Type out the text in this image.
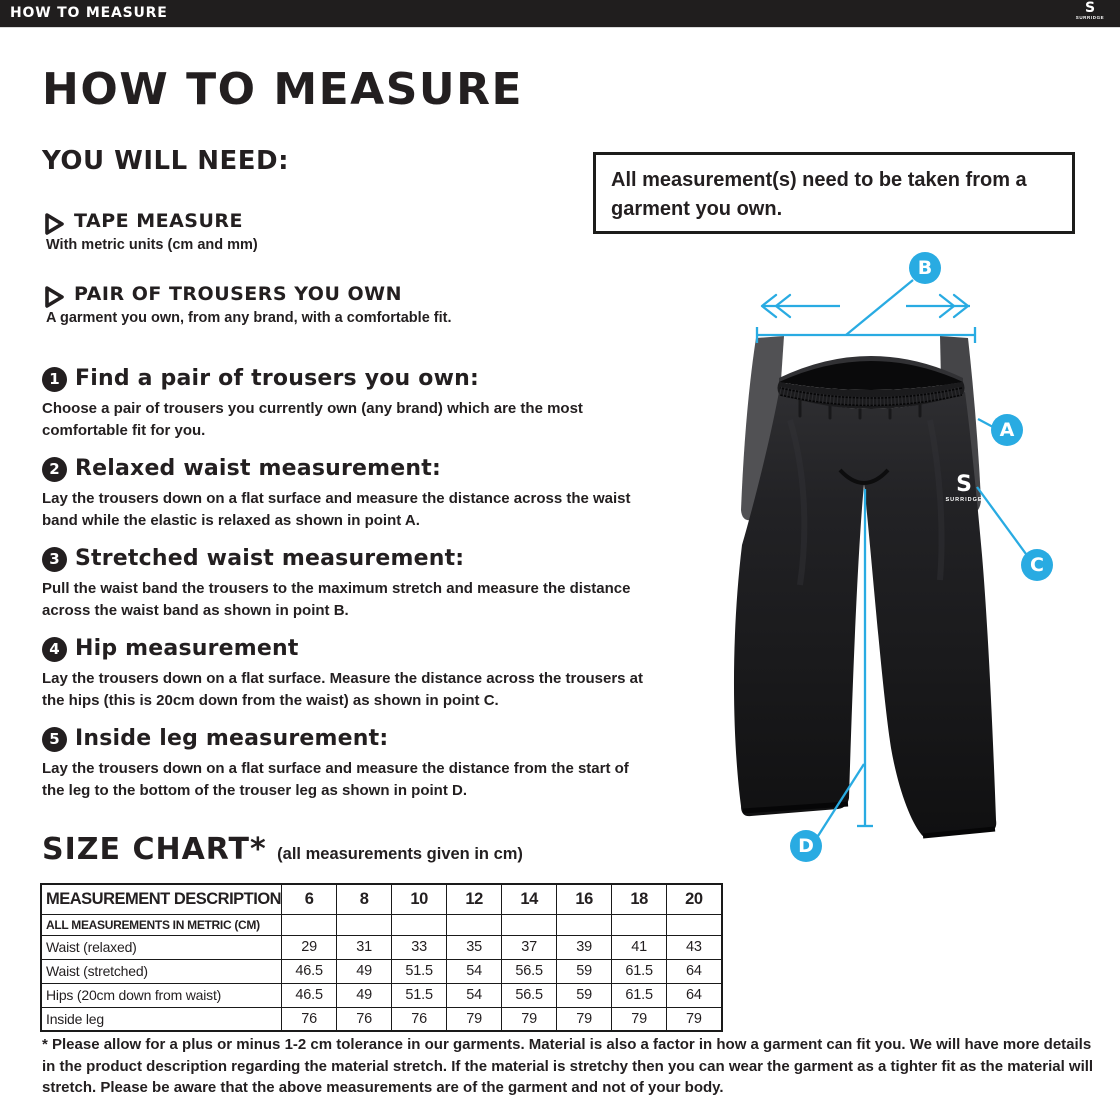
HOW TO MEASURE	S
SURRIDGE
HOW TO MEASURE
YOU WILL NEED:
TAPE MEASURE
With metric units (cm and mm)
PAIR OF TROUSERS YOU OWN
A garment you own, from any brand, with a comfortable fit.
All measurement(s) need to be taken from a garment you own.
1 Find a pair of trousers you own:
Choose a pair of trousers you currently own (any brand) which are the most comfortable fit for you.
2 Relaxed waist measurement:
Lay the trousers down on a flat surface and measure the distance across the waist band while the elastic is relaxed as shown in point A.
3 Stretched waist measurement:
Pull the waist band the trousers to the maximum stretch and measure the distance across the waist band as shown in point B.
4 Hip measurement
Lay the trousers down on a flat surface. Measure the distance across the trousers at the hips (this is 20cm down from the waist) as shown in point C.
5 Inside leg measurement:
Lay the trousers down on a flat surface and measure the distance from the start of the leg to the bottom of the trouser leg as shown in point D.
SIZE CHART* (all measurements given in cm)
MEASUREMENT DESCRIPTION	6	8	10	12	14	16	18	20
ALL MEASUREMENTS IN METRIC (CM)								
Waist (relaxed)	29	31	33	35	37	39	41	43
Waist (stretched)	46.5	49	51.5	54	56.5	59	61.5	64
Hips (20cm down from waist)	46.5	49	51.5	54	56.5	59	61.5	64
Inside leg	76	76	76	79	79	79	79	79
* Please allow for a plus or minus 1-2 cm tolerance in our garments. Material is also a factor in how a garment can fit you. We will have more details in the product description regarding the material stretch. If the material is stretchy then you can wear the garment as a tighter fit as the material will stretch. Please be aware that the above measurements are of the garment and not of your body.
S
SURRIDGE
A
B
C
D
